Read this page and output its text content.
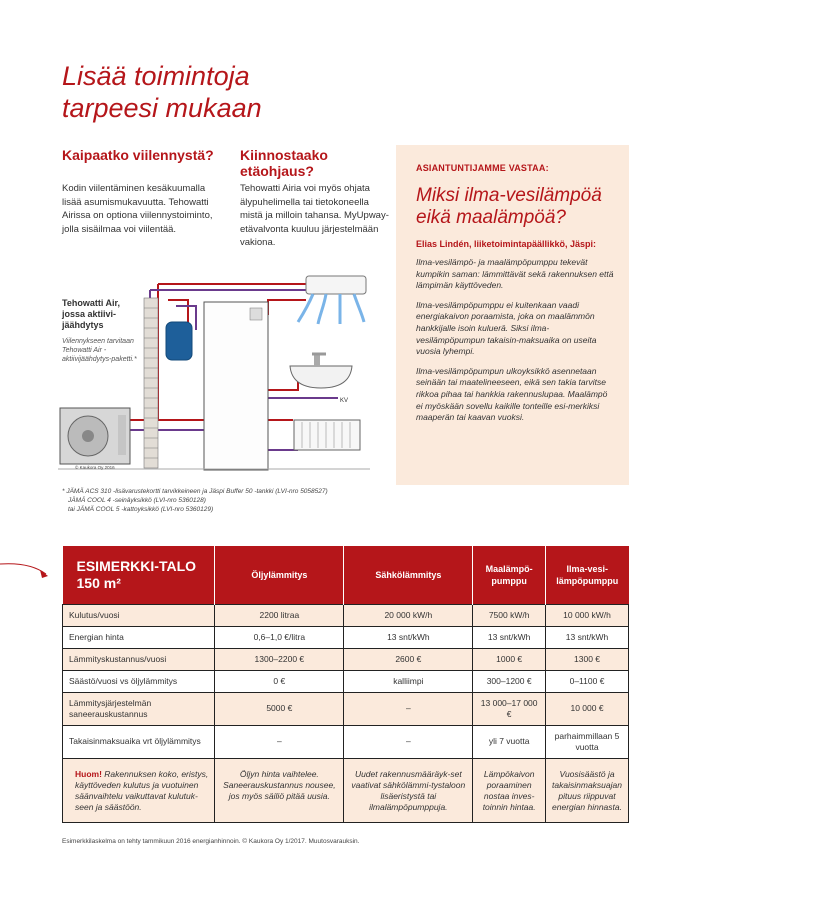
Lisää toimintoja
tarpeesi mukaan
Kaipaatko viilennystä?
Kodin viilentäminen kesäkuumalla lisää asumismukavuutta. Tehowatti Airissa on optiona viilennystoiminto, jolla sisäilmaa voi viilentää.
Kiinnostaako etäohjaus?
Tehowatti Airia voi myös ohjata älypuhelimella tai tietokoneella mistä ja milloin tahansa. MyUpway-etävalvonta kuuluu järjestelmään vakiona.
Tehowatti Air, jossa aktiivi-jäähdytys
Viilennykseen tarvitaan Tehowatti Air -aktiivijäähdytys-paketti.*
KV
© Kaukora Oy 2016
* JÄMÄ ACS 310 -lisävarustekortti tarvikkeineen ja Jäspi Buffer 50 -tankki (LVI-nro 5058527)
JÄMÄ COOL 4 -seinäyksikkö (LVI-nro 5360128)
tai JÄMÄ COOL 5 -kattoyksikkö (LVI-nro 5360129)
ASIANTUNTIJAMME VASTAA:
Miksi ilma-vesilämpöä eikä maalämpöä?
Elias Lindén, liiketoimintapäällikkö, Jäspi:
Ilma-vesilämpö- ja maalämpöpumppu tekevät kumpikin saman: lämmittävät sekä rakennuksen että lämpimän käyttöveden.
Ilma-vesilämpöpumppu ei kuitenkaan vaadi energiakaivon poraamista, joka on maalämmön hankkijalle isoin kuluerä. Siksi ilma-vesilämpöpumpun takaisin-maksuaika on useita vuosia lyhempi.
Ilma-vesilämpöpumpun ulkoyksikkö asennetaan seinään tai maatelineeseen, eikä sen takia tarvitse rikkoa pihaa tai hankkia rakennuslupaa. Maalämpö ei myöskään sovellu kaikille tonteille esi-merkiksi maaperän tai kaavan vuoksi.
ESIMERKKI-TALO 150 m²	Öljylämmitys	Sähkölämmitys	Maalämpö-pumppu	Ilma-vesi-lämpöpumppu
Kulutus/vuosi	2200 litraa	20 000 kW/h	7500 kW/h	10 000 kW/h
Energian hinta	0,6–1,0 €/litra	13 snt/kWh	13 snt/kWh	13 snt/kWh
Lämmityskustannus/vuosi	1300–2200 €	2600 €	1000 €	1300 €
Säästö/vuosi vs öljylämmitys	0 €	kalliimpi	300–1200 €	0–1100 €
Lämmitysjärjestelmän saneerauskustannus	5000 €	–	13 000–17 000 €	10 000 €
Takaisinmaksuaika vrt öljylämmitys	–	–	yli 7 vuotta	parhaimmillaan 5 vuotta
Huom! Rakennuksen koko, eristys, käyttöveden kulutus ja vuotuinen säänvaihtelu vaikuttavat kulutuk-seen ja säästöön.	Öljyn hinta vaihtelee. Saneerauskustannus nousee, jos myös säiliö pitää uusia.	Uudet rakennusmääräyk-set vaativat sähkölämmi-tystaloon lisäeristystä tai ilmalämpöpumppuja.	Lämpökaivon poraaminen nostaa inves-toinnin hintaa.	Vuosisäästö ja takaisinmaksuajan pituus riippuvat energian hinnasta.
Esimerkkilaskelma on tehty tammikuun 2016 energianhinnoin. © Kaukora Oy 1/2017. Muutosvarauksin.
